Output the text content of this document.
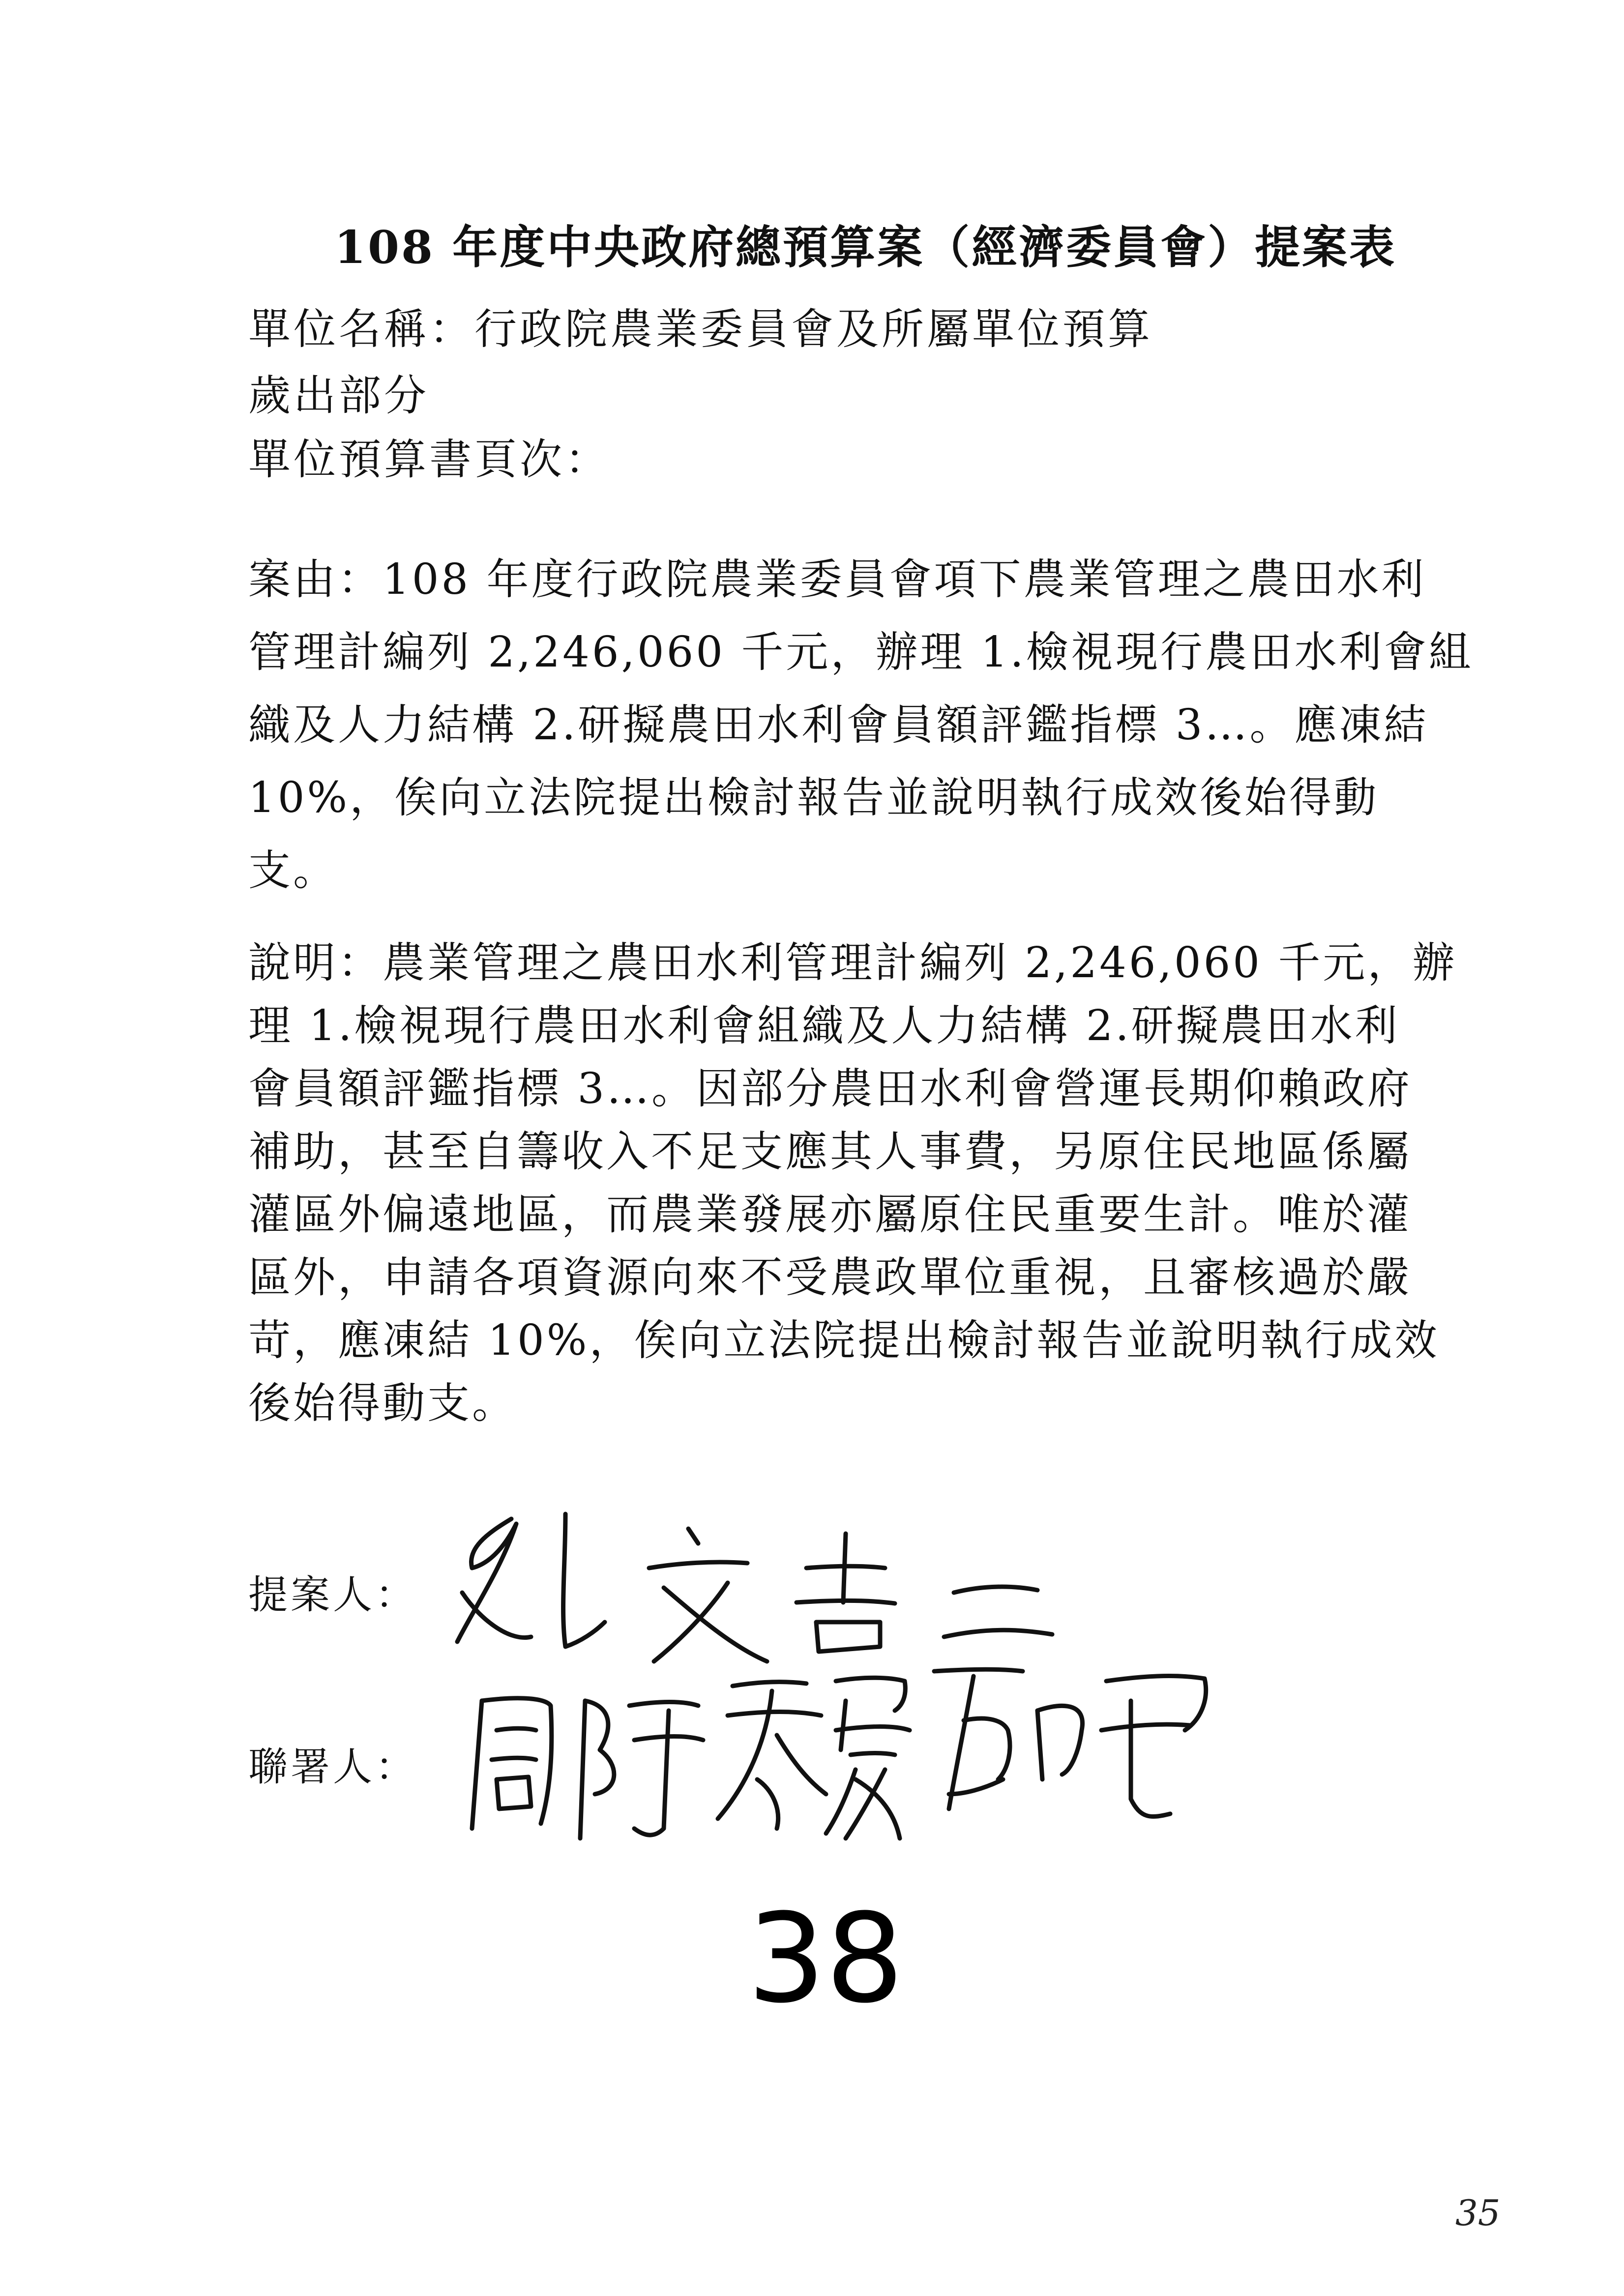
108 年度中央政府總預算案（經濟委員會）提案表
單位名稱：行政院農業委員會及所屬單位預算
歲出部分
單位預算書頁次：
案由：108 年度行政院農業委員會項下農業管理之農田水利
管理計編列 2,246,060 千元，辦理 1.檢視現行農田水利會組
織及人力結構 2.研擬農田水利會員額評鑑指標 3…。應凍結
10%，俟向立法院提出檢討報告並說明執行成效後始得動
支。
說明：農業管理之農田水利管理計編列 2,246,060 千元，辦
理 1.檢視現行農田水利會組織及人力結構 2.研擬農田水利
會員額評鑑指標 3…。因部分農田水利會營運長期仰賴政府
補助，甚至自籌收入不足支應其人事費，另原住民地區係屬
灌區外偏遠地區，而農業發展亦屬原住民重要生計。唯於灌
區外，申請各項資源向來不受農政單位重視，且審核過於嚴
苛，應凍結 10%，俟向立法院提出檢討報告並說明執行成效
後始得動支。
提案人：
聯署人：
38
35
